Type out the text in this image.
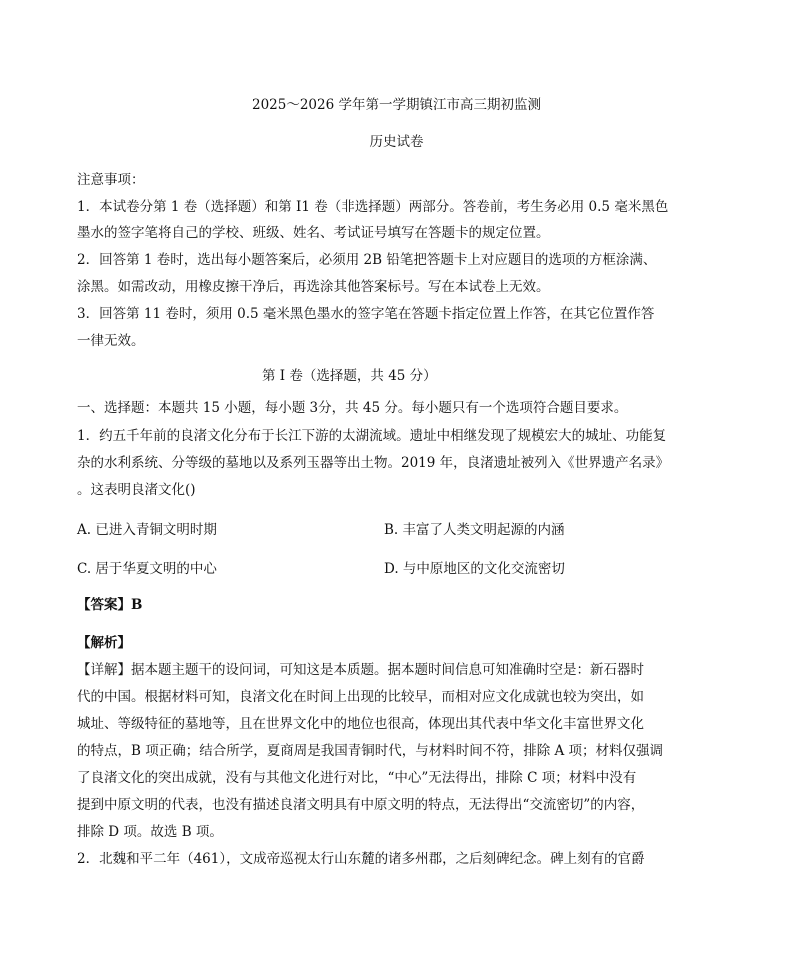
2025～2026 学年第一学期镇江市高三期初监测
历史试卷
注意事项：
1．本试卷分第 1 卷（选择题）和第 I1 卷（非选择题）两部分。答卷前，考生务必用 0.5 毫米黑色
墨水的签字笔将自己的学校、班级、姓名、考试证号填写在答题卡的规定位置。
2．回答第 1 卷时，选出每小题答案后，必须用 2B 铅笔把答题卡上对应题目的选项的方框涂满、
涂黑。如需改动，用橡皮擦干净后，再选涂其他答案标号。写在本试卷上无效。
3．回答第 11 卷时，须用 0.5 毫米黑色墨水的签字笔在答题卡指定位置上作答，在其它位置作答
一律无效。
第 I 卷（选择题，共 45 分）
一、选择题：本题共 15 小题，每小题 3分，共 45 分。每小题只有一个选项符合题目要求。
1．约五千年前的良渚文化分布于长江下游的太湖流域。遗址中相继发现了规模宏大的城址、功能复
杂的水利系统、分等级的墓地以及系列玉器等出土物。2019 年，良渚遗址被列入《世界遗产名录》
。这表明良渚文化()
A. 已进入青铜文明时期	B. 丰富了人类文明起源的内涵
C. 居于华夏文明的中心	D. 与中原地区的文化交流密切
【答案】B
【解析】
【详解】据本题主题干的设问词，可知这是本质题。据本题时间信息可知准确时空是：新石器时
代的中国。根据材料可知，良渚文化在时间上出现的比较早，而相对应文化成就也较为突出，如
城址、等级特征的墓地等，且在世界文化中的地位也很高，体现出其代表中华文化丰富世界文化
的特点，B 项正确；结合所学，夏商周是我国青铜时代，与材料时间不符，排除 A 项；材料仅强调
了良渚文化的突出成就，没有与其他文化进行对比，“中心”无法得出，排除 C 项；材料中没有
提到中原文明的代表，也没有描述良渚文明具有中原文明的特点，无法得出“交流密切”的内容，
排除 D 项。故选 B 项。
2．北魏和平二年（461），文成帝巡视太行山东麓的诸多州郡，之后刻碑纪念。碑上刻有的官爵
